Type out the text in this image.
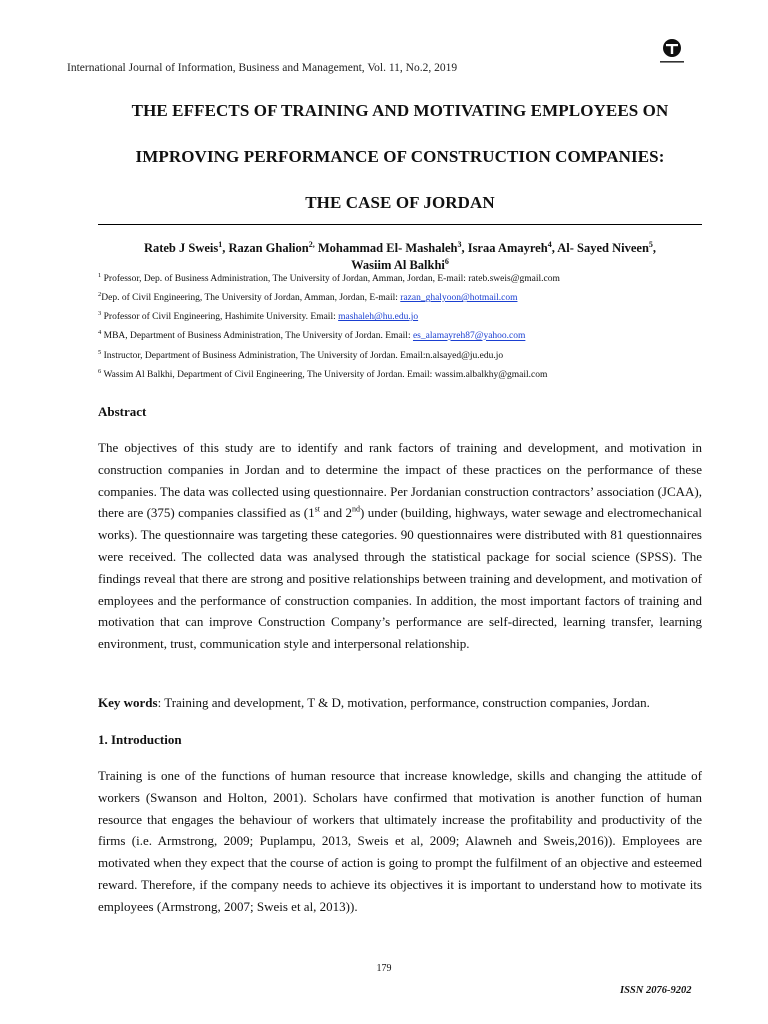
International Journal of Information, Business and Management, Vol. 11, No.2, 2019
THE EFFECTS OF TRAINING AND MOTIVATING EMPLOYEES ON
IMPROVING PERFORMANCE OF CONSTRUCTION COMPANIES:
THE CASE OF JORDAN
Rateb J Sweis$^1$, Razan Ghalion$^{2,}$ Mohammad El- Mashaleh$^3$, Israa Amayreh$^4$, Al- Sayed Niveen$^5$,
Wasiim Al Balkhi$^6$
$^1$ Professor, Dep. of Business Administration, The University of Jordan, Amman, Jordan, E-mail: rateb.sweis@gmail.com
$^2$Dep. of Civil Engineering, The University of Jordan, Amman, Jordan, E-mail: razan_ghalyoon@hotmail.com
$^3$ Professor of Civil Engineering, Hashimite University. Email: mashaleh@hu.edu.jo
$^4$ MBA, Department of Business Administration, The University of Jordan. Email: es_alamayreh87@yahoo.com
$^5$ Instructor, Department of Business Administration, The University of Jordan. Email:n.alsayed@ju.edu.jo
$^6$ Wassim Al Balkhi, Department of Civil Engineering, The University of Jordan. Email: wassim.albalkhy@gmail.com
Abstract
The objectives of this study are to identify and rank factors of training and development, and motivation in construction companies in Jordan and to determine the impact of these practices on the performance of these companies. The data was collected using questionnaire. Per Jordanian construction contractors’ association (JCAA), there are (375) companies classified as (1st and 2nd) under (building, highways, water sewage and electromechanical works). The questionnaire was targeting these categories. 90 questionnaires were distributed with 81 questionnaires were received. The collected data was analysed through the statistical package for social science (SPSS). The findings reveal that there are strong and positive relationships between training and development, and motivation of employees and the performance of construction companies. In addition, the most important factors of training and motivation that can improve Construction Company’s performance are self-directed, learning transfer, learning environment, trust, communication style and interpersonal relationship.
Key words: Training and development, T & D, motivation, performance, construction companies, Jordan.
1. Introduction
Training is one of the functions of human resource that increase knowledge, skills and changing the attitude of workers (Swanson and Holton, 2001). Scholars have confirmed that motivation is another function of human resource that engages the behaviour of workers that ultimately increase the profitability and productivity of the firms (i.e. Armstrong, 2009; Puplampu, 2013, Sweis et al, 2009; Alawneh and Sweis,2016)). Employees are motivated when they expect that the course of action is going to prompt the fulfilment of an objective and esteemed reward. Therefore, if the company needs to achieve its objectives it is important to understand how to motivate its employees (Armstrong, 2007; Sweis et al, 2013)).
179
ISSN 2076-9202
